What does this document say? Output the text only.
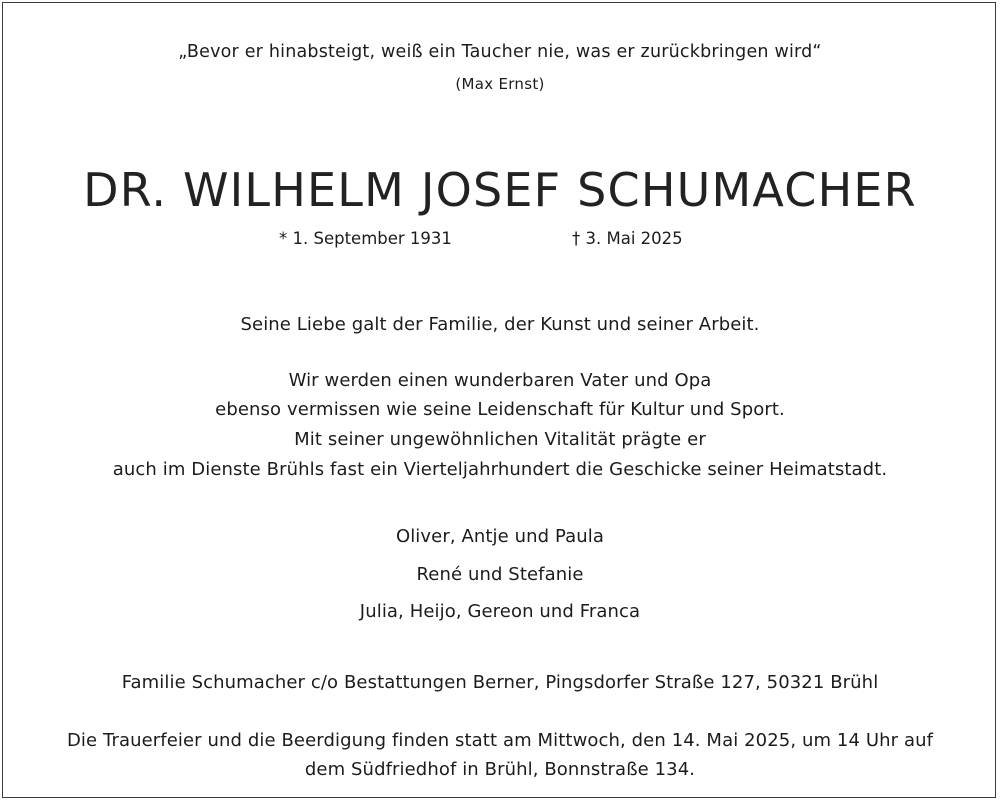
„Bevor er hinabsteigt, weiß ein Taucher nie, was er zurückbringen wird“
(Max Ernst)
DR. WILHELM JOSEF SCHUMACHER
* 1. September 1931	† 3. Mai 2025
Seine Liebe galt der Familie, der Kunst und seiner Arbeit.
Wir werden einen wunderbaren Vater und Opa
ebenso vermissen wie seine Leidenschaft für Kultur und Sport.
Mit seiner ungewöhnlichen Vitalität prägte er
auch im Dienste Brühls fast ein Vierteljahrhundert die Geschicke seiner Heimatstadt.
Oliver, Antje und Paula
René und Stefanie
Julia, Heijo, Gereon und Franca
Familie Schumacher c/o Bestattungen Berner, Pingsdorfer Straße 127, 50321 Brühl
Die Trauerfeier und die Beerdigung finden statt am Mittwoch, den 14. Mai 2025, um 14 Uhr auf
dem Südfriedhof in Brühl, Bonnstraße 134.
